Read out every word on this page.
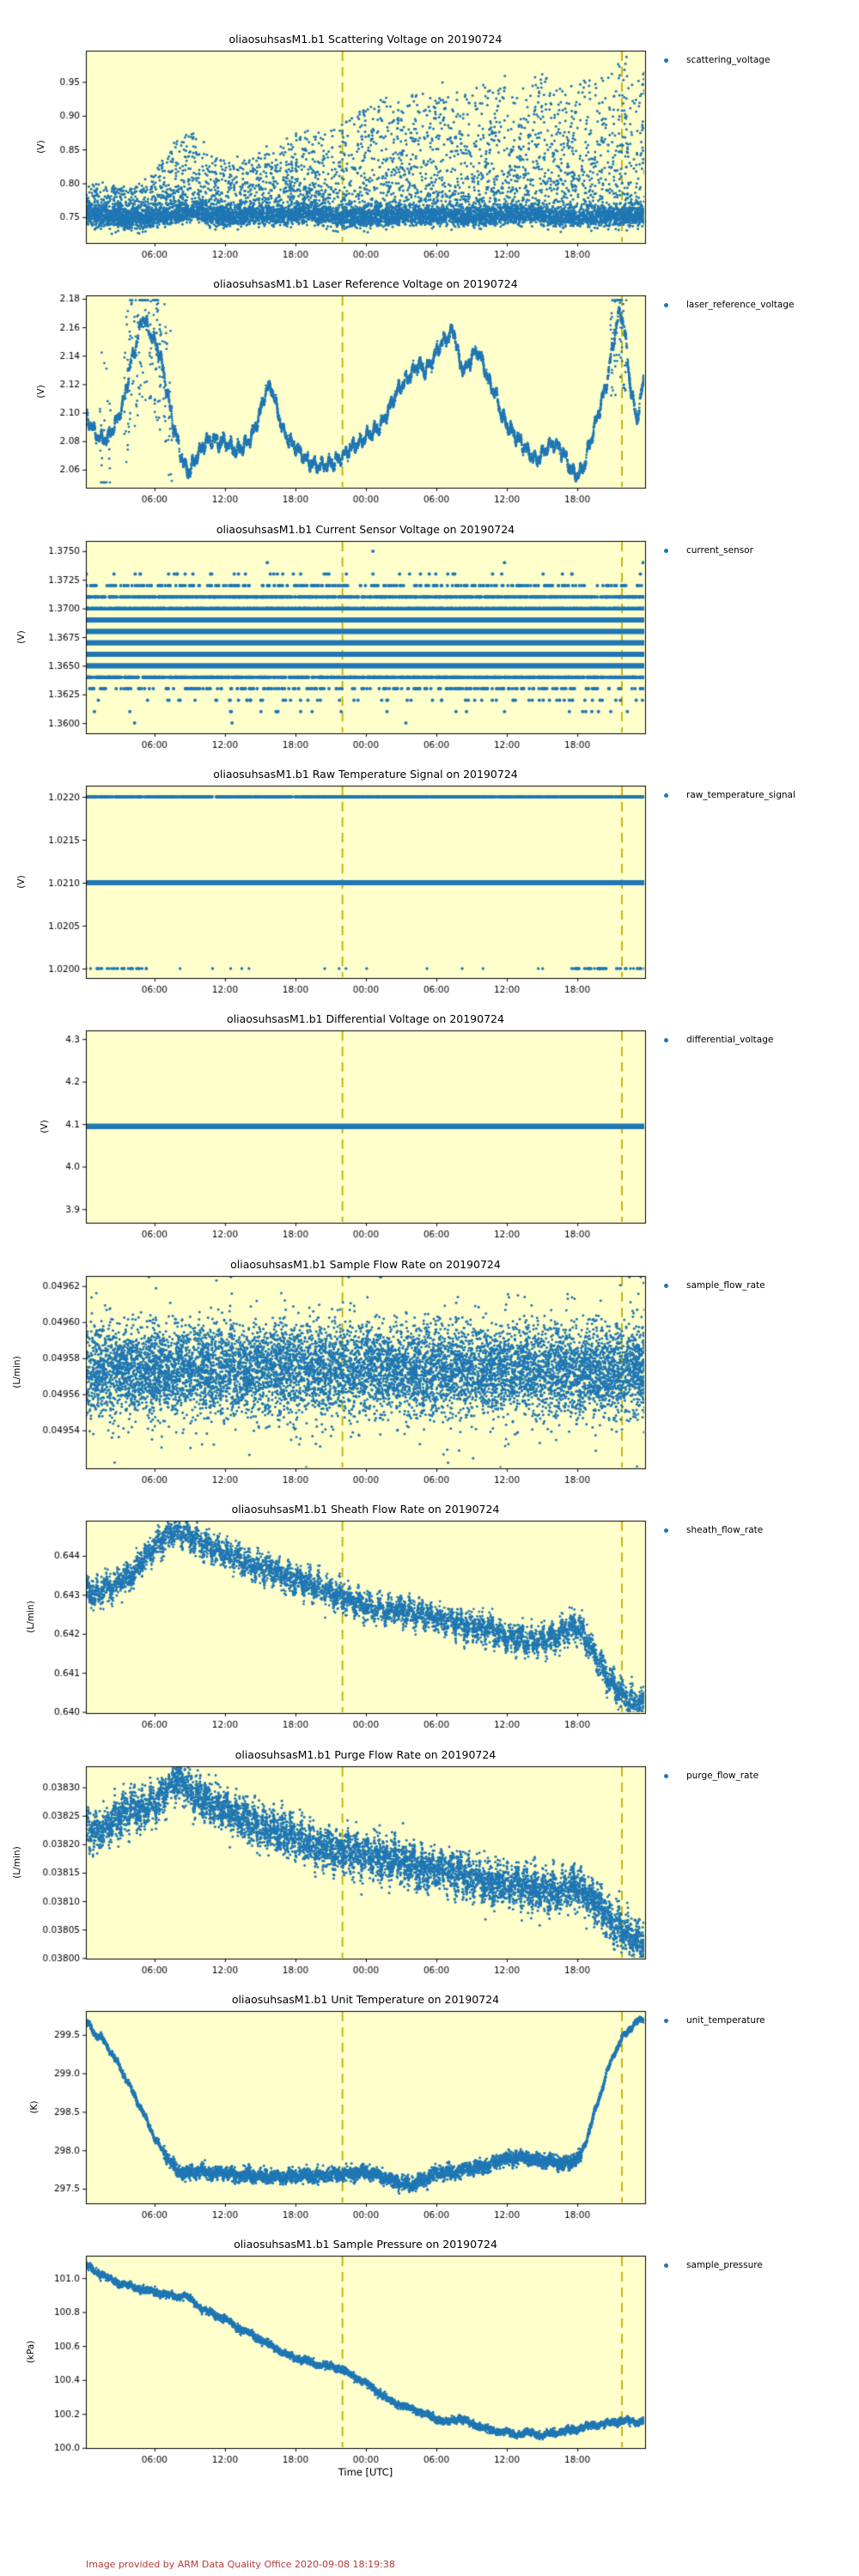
oliaosuhsasM1.b1 Scattering Voltage on 20190724
(V)
scattering_voltage
oliaosuhsasM1.b1 Laser Reference Voltage on 20190724
(V)
laser_reference_voltage
oliaosuhsasM1.b1 Current Sensor Voltage on 20190724
(V)
current_sensor
oliaosuhsasM1.b1 Raw Temperature Signal on 20190724
(V)
raw_temperature_signal
oliaosuhsasM1.b1 Differential Voltage on 20190724
(V)
differential_voltage
oliaosuhsasM1.b1 Sample Flow Rate on 20190724
(L/min)
sample_flow_rate
oliaosuhsasM1.b1 Sheath Flow Rate on 20190724
(L/min)
sheath_flow_rate
oliaosuhsasM1.b1 Purge Flow Rate on 20190724
(L/min)
purge_flow_rate
oliaosuhsasM1.b1 Unit Temperature on 20190724
(K)
unit_temperature
oliaosuhsasM1.b1 Sample Pressure on 20190724
(kPa)
sample_pressure
Time [UTC]
Image provided by ARM Data Quality Office 2020-09-08 18:19:38
